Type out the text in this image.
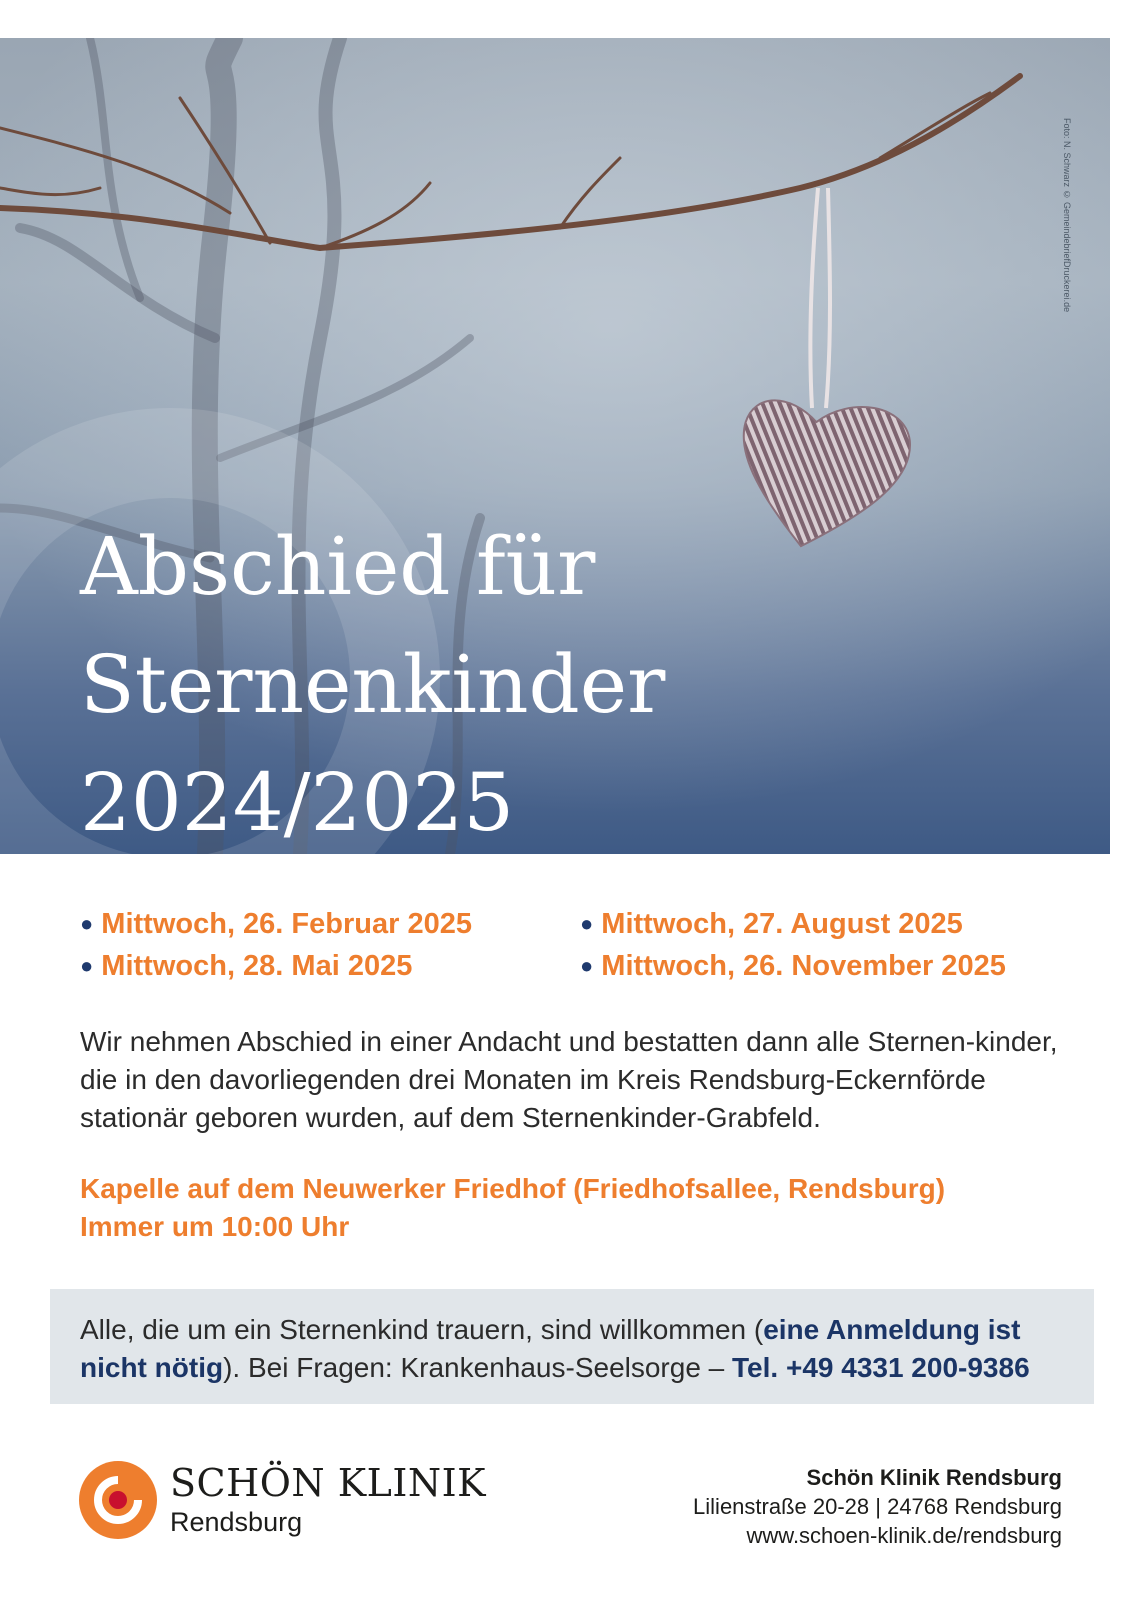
Foto: N. Schwarz © GemeindebriefDruckerei.de
Abschied für
Sternenkinder
2024/2025
● Mittwoch, 26. Februar 2025	● Mittwoch, 27. August 2025
● Mittwoch, 28. Mai 2025	● Mittwoch, 26. November 2025

Wir nehmen Abschied in einer Andacht und bestatten dann alle Sternen-kinder, die in den davorliegenden drei Monaten im Kreis Rendsburg-Eckernförde stationär geboren wurden, auf dem Sternenkinder-Grabfeld.

Kapelle auf dem Neuwerker Friedhof (Friedhofsallee, Rendsburg)
Immer um 10:00 Uhr

Alle, die um ein Sternenkind trauern, sind willkommen (eine Anmeldung ist nicht nötig). Bei Fragen: Krankenhaus-Seelsorge – Tel. +49 4331 200-9386

SCHÖN KLINIK
Rendsburg
Schön Klinik Rendsburg
Lilienstraße 20-28 | 24768 Rendsburg
www.schoen-klinik.de/rendsburg
